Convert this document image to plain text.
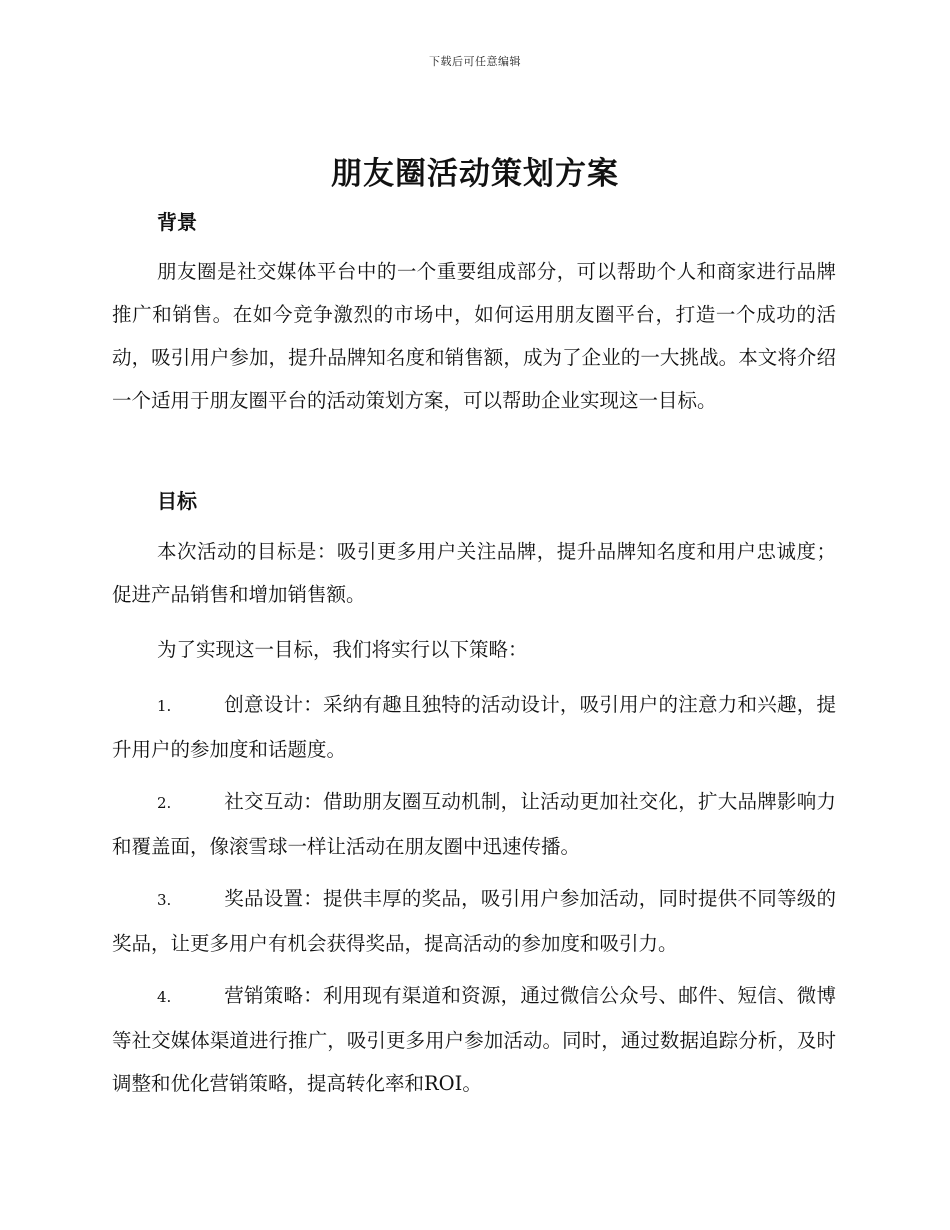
下载后可任意编辑
朋友圈活动策划方案
背景

朋友圈是社交媒体平台中的一个重要组成部分，可以帮助个人和商家进行品牌推广和销售。在如今竞争激烈的市场中，如何运用朋友圈平台，打造一个成功的活动，吸引用户参加，提升品牌知名度和销售额，成为了企业的一大挑战。本文将介绍一个适用于朋友圈平台的活动策划方案，可以帮助企业实现这一目标。

目标

本次活动的目标是：吸引更多用户关注品牌，提升品牌知名度和用户忠诚度；促进产品销售和增加销售额。

为了实现这一目标，我们将实行以下策略：

1.	创意设计：采纳有趣且独特的活动设计，吸引用户的注意力和兴趣，提升用户的参加度和话题度。

2.	社交互动：借助朋友圈互动机制，让活动更加社交化，扩大品牌影响力和覆盖面，像滚雪球一样让活动在朋友圈中迅速传播。

3.	奖品设置：提供丰厚的奖品，吸引用户参加活动，同时提供不同等级的奖品，让更多用户有机会获得奖品，提高活动的参加度和吸引力。

4.	营销策略：利用现有渠道和资源，通过微信公众号、邮件、短信、微博等社交媒体渠道进行推广，吸引更多用户参加活动。同时，通过数据追踪分析，及时调整和优化营销策略，提高转化率和ROI。
